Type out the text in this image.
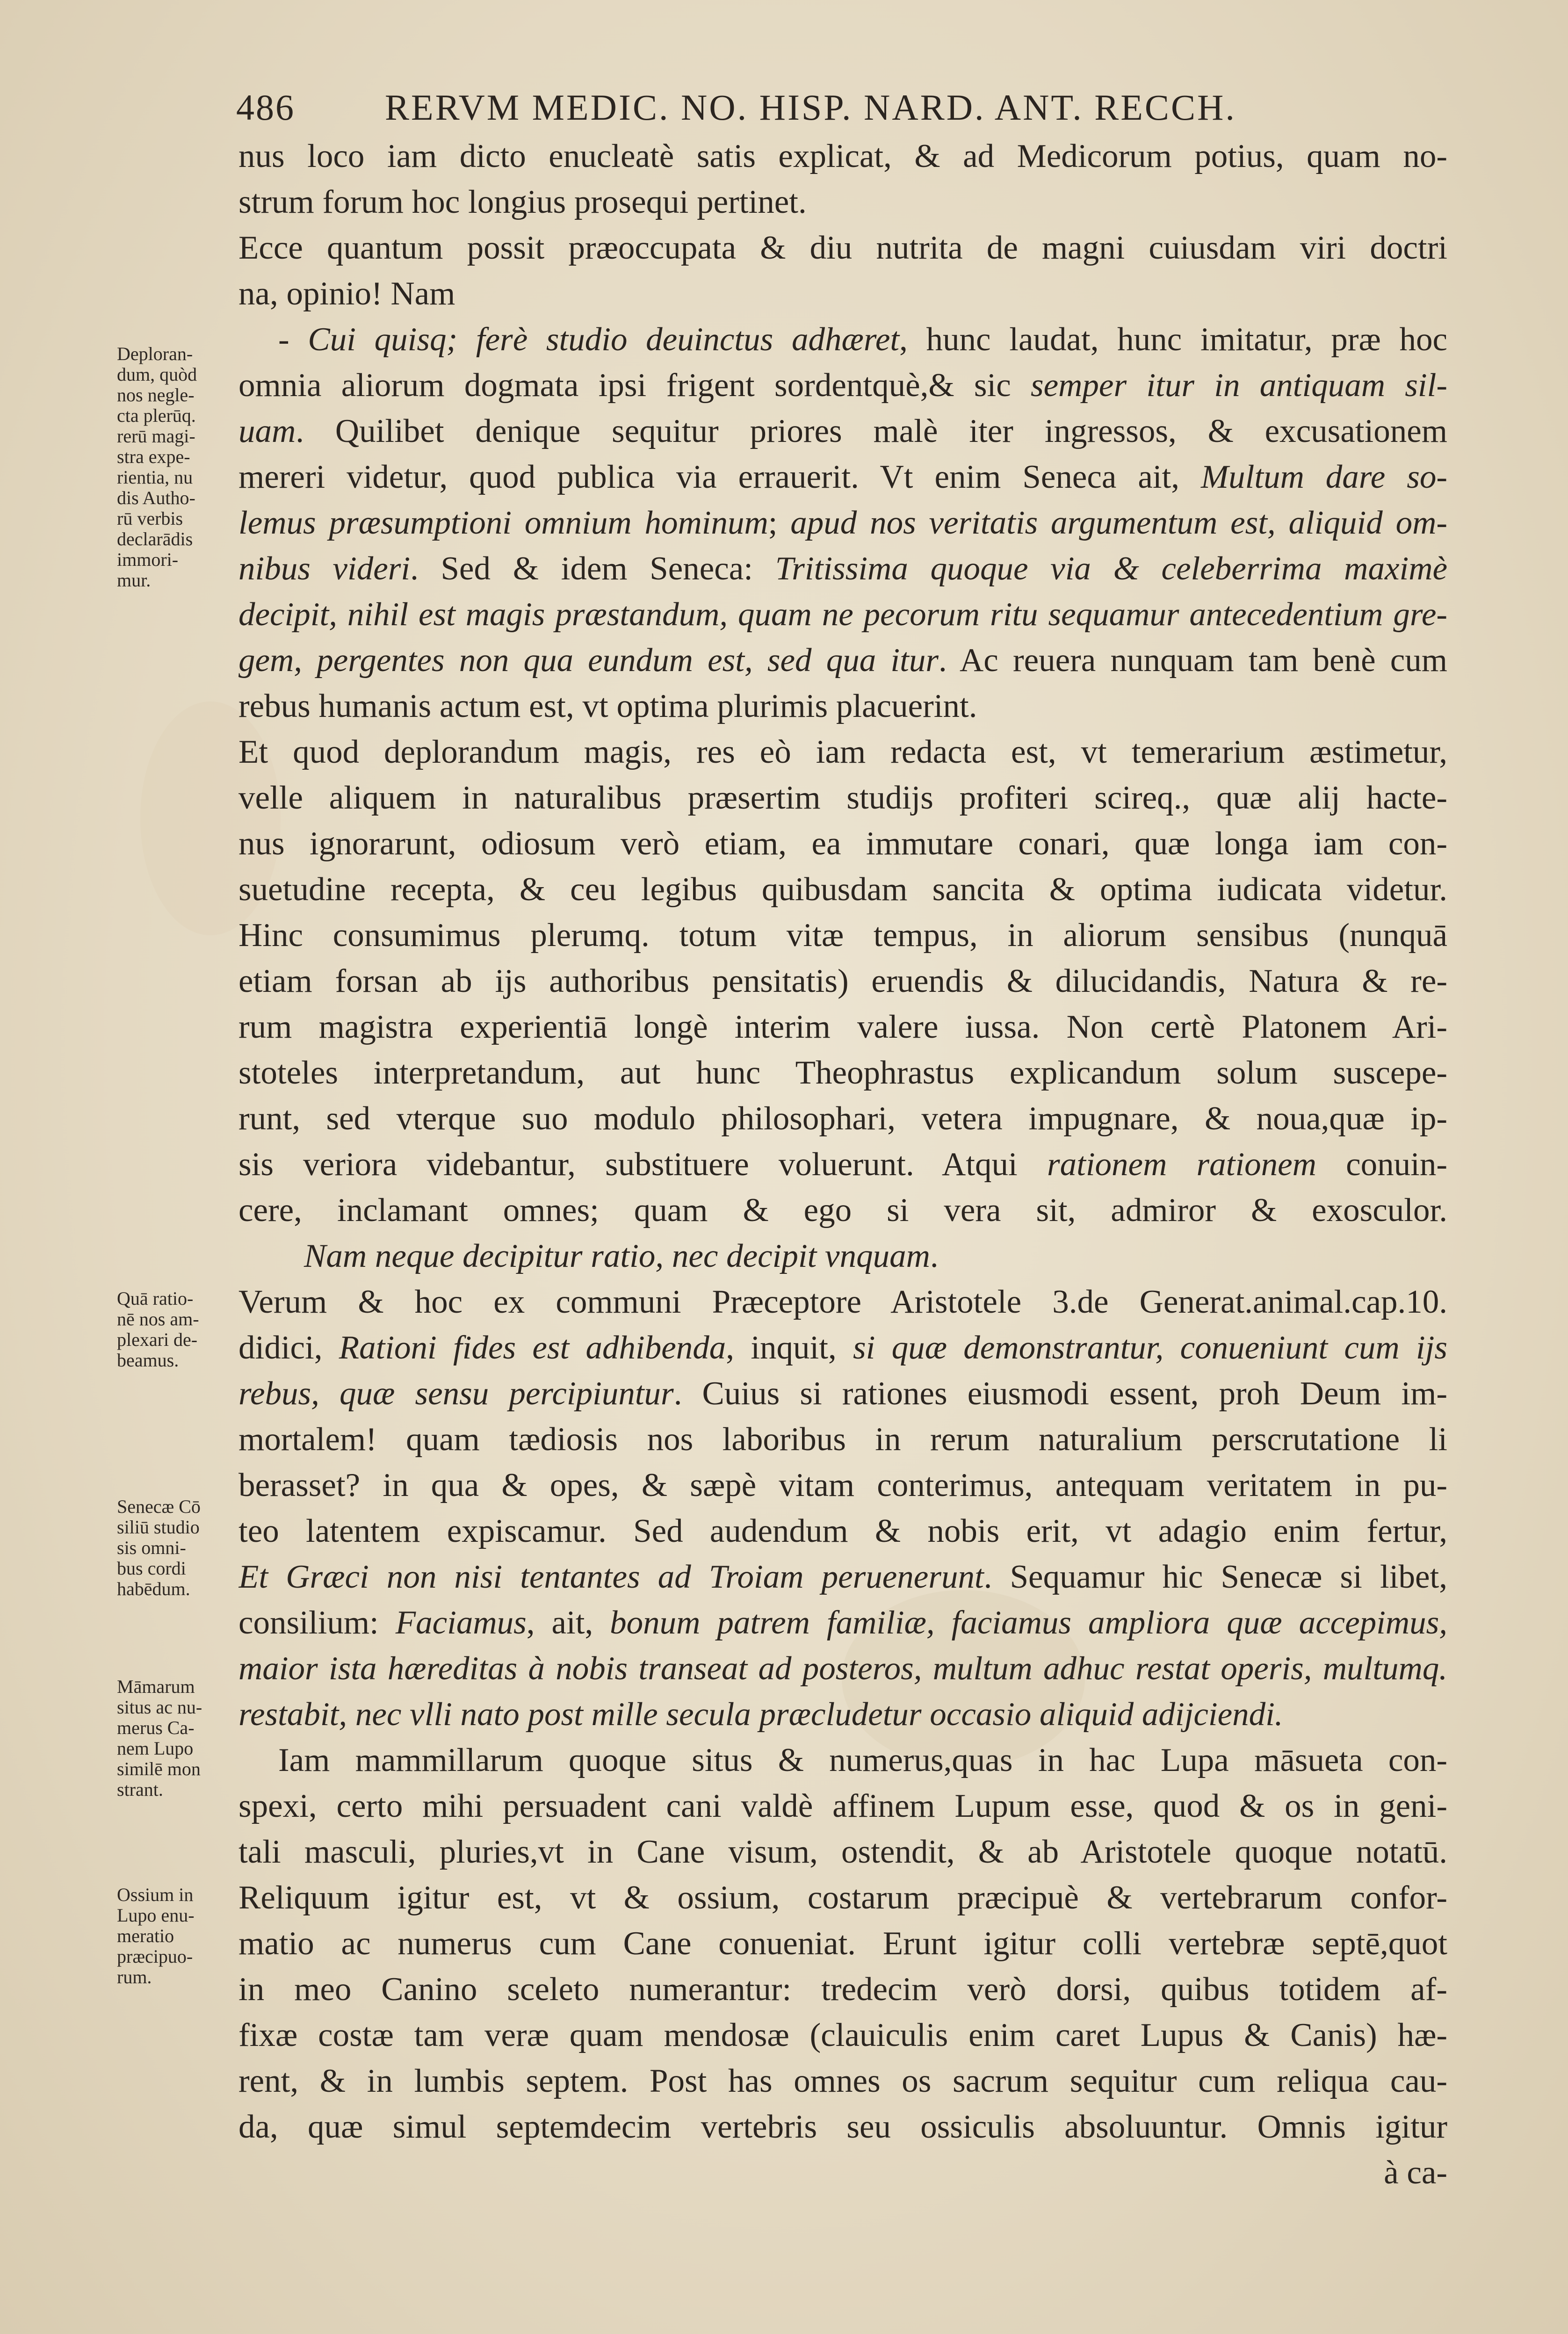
486 RERVM MEDIC. NO. HISP. NARD. ANT. RECCH.
nus loco iam dicto enucleatè satis explicat, & ad Medicorum potius, quam no-
strum forum hoc longius prosequi pertinet.
Ecce quantum possit præoccupata & diu nutrita de magni cuiusdam viri doctri
na, opinio! Nam
- Cui quisq; ferè studio deuinctus adhæret, hunc laudat, hunc imitatur, præ hoc
omnia aliorum dogmata ipsi frigent sordentquè,& sic semper itur in antiquam sil-
uam. Quilibet denique sequitur priores malè iter ingressos, & excusationem
mereri videtur, quod publica via errauerit. Vt enim Seneca ait, Multum dare so-
lemus præsumptioni omnium hominum; apud nos veritatis argumentum est, aliquid om-
nibus videri. Sed & idem Seneca: Tritissima quoque via & celeberrima maximè
decipit, nihil est magis præstandum, quam ne pecorum ritu sequamur antecedentium gre-
gem, pergentes non qua eundum est, sed qua itur. Ac reuera nunquam tam benè cum
rebus humanis actum est, vt optima plurimis placuerint.
Et quod deplorandum magis, res eò iam redacta est, vt temerarium æstimetur,
velle aliquem in naturalibus præsertim studijs profiteri scireq., quæ alij hacte-
nus ignorarunt, odiosum verò etiam, ea immutare conari, quæ longa iam con-
suetudine recepta, & ceu legibus quibusdam sancita & optima iudicata videtur.
Hinc consumimus plerumq. totum vitæ tempus, in aliorum sensibus (nunquā
etiam forsan ab ijs authoribus pensitatis) eruendis & dilucidandis, Natura & re-
rum magistra experientiā longè interim valere iussa. Non certè Platonem Ari-
stoteles interpretandum, aut hunc Theophrastus explicandum solum suscepe-
runt, sed vterque suo modulo philosophari, vetera impugnare, & noua,quæ ip-
sis veriora videbantur, substituere voluerunt. Atqui rationem rationem conuin-
cere, inclamant omnes; quam & ego si vera sit, admiror & exosculor.
Nam neque decipitur ratio, nec decipit vnquam.
Verum & hoc ex communi Præceptore Aristotele 3.de Generat.animal.cap.10.
didici, Rationi fides est adhibenda, inquit, si quæ demonstrantur, conueniunt cum ijs
rebus, quæ sensu percipiuntur. Cuius si rationes eiusmodi essent, proh Deum im-
mortalem! quam tædiosis nos laboribus in rerum naturalium perscrutatione li
berasset? in qua & opes, & sæpè vitam conterimus, antequam veritatem in pu-
teo latentem expiscamur. Sed audendum & nobis erit, vt adagio enim fertur,
Et Græci non nisi tentantes ad Troiam peruenerunt. Sequamur hic Senecæ si libet,
consilium: Faciamus, ait, bonum patrem familiæ, faciamus ampliora quæ accepimus,
maior ista hæreditas à nobis transeat ad posteros, multum adhuc restat operis, multumq.
restabit, nec vlli nato post mille secula præcludetur occasio aliquid adijciendi.
Iam mammillarum quoque situs & numerus,quas in hac Lupa māsueta con-
spexi, certo mihi persuadent cani valdè affinem Lupum esse, quod & os in geni-
tali masculi, pluries,vt in Cane visum, ostendit, & ab Aristotele quoque notatū.
Reliquum igitur est, vt & ossium, costarum præcipuè & vertebrarum confor-
matio ac numerus cum Cane conueniat. Erunt igitur colli vertebræ septē,quot
in meo Canino sceleto numerantur: tredecim verò dorsi, quibus totidem af-
fixæ costæ tam veræ quam mendosæ (clauiculis enim caret Lupus & Canis) hæ-
rent, & in lumbis septem. Post has omnes os sacrum sequitur cum reliqua cau-
da, quæ simul septemdecim vertebris seu ossiculis absoluuntur. Omnis igitur
à ca-
Deploran-
dum, quòd
nos negle-
cta plerūq.
rerū magi-
stra expe-
rientia, nu
dis Autho-
rū verbis
declarādis
immori-
mur.
Quā ratio-
nē nos am-
plexari de-
beamus.
Senecæ Cō
siliū studio
sis omni-
bus cordi
habēdum.
Māmarum
situs ac nu-
merus Ca-
nem Lupo
similē mon
strant.
Ossium in
Lupo enu-
meratio
præcipuo-
rum.
